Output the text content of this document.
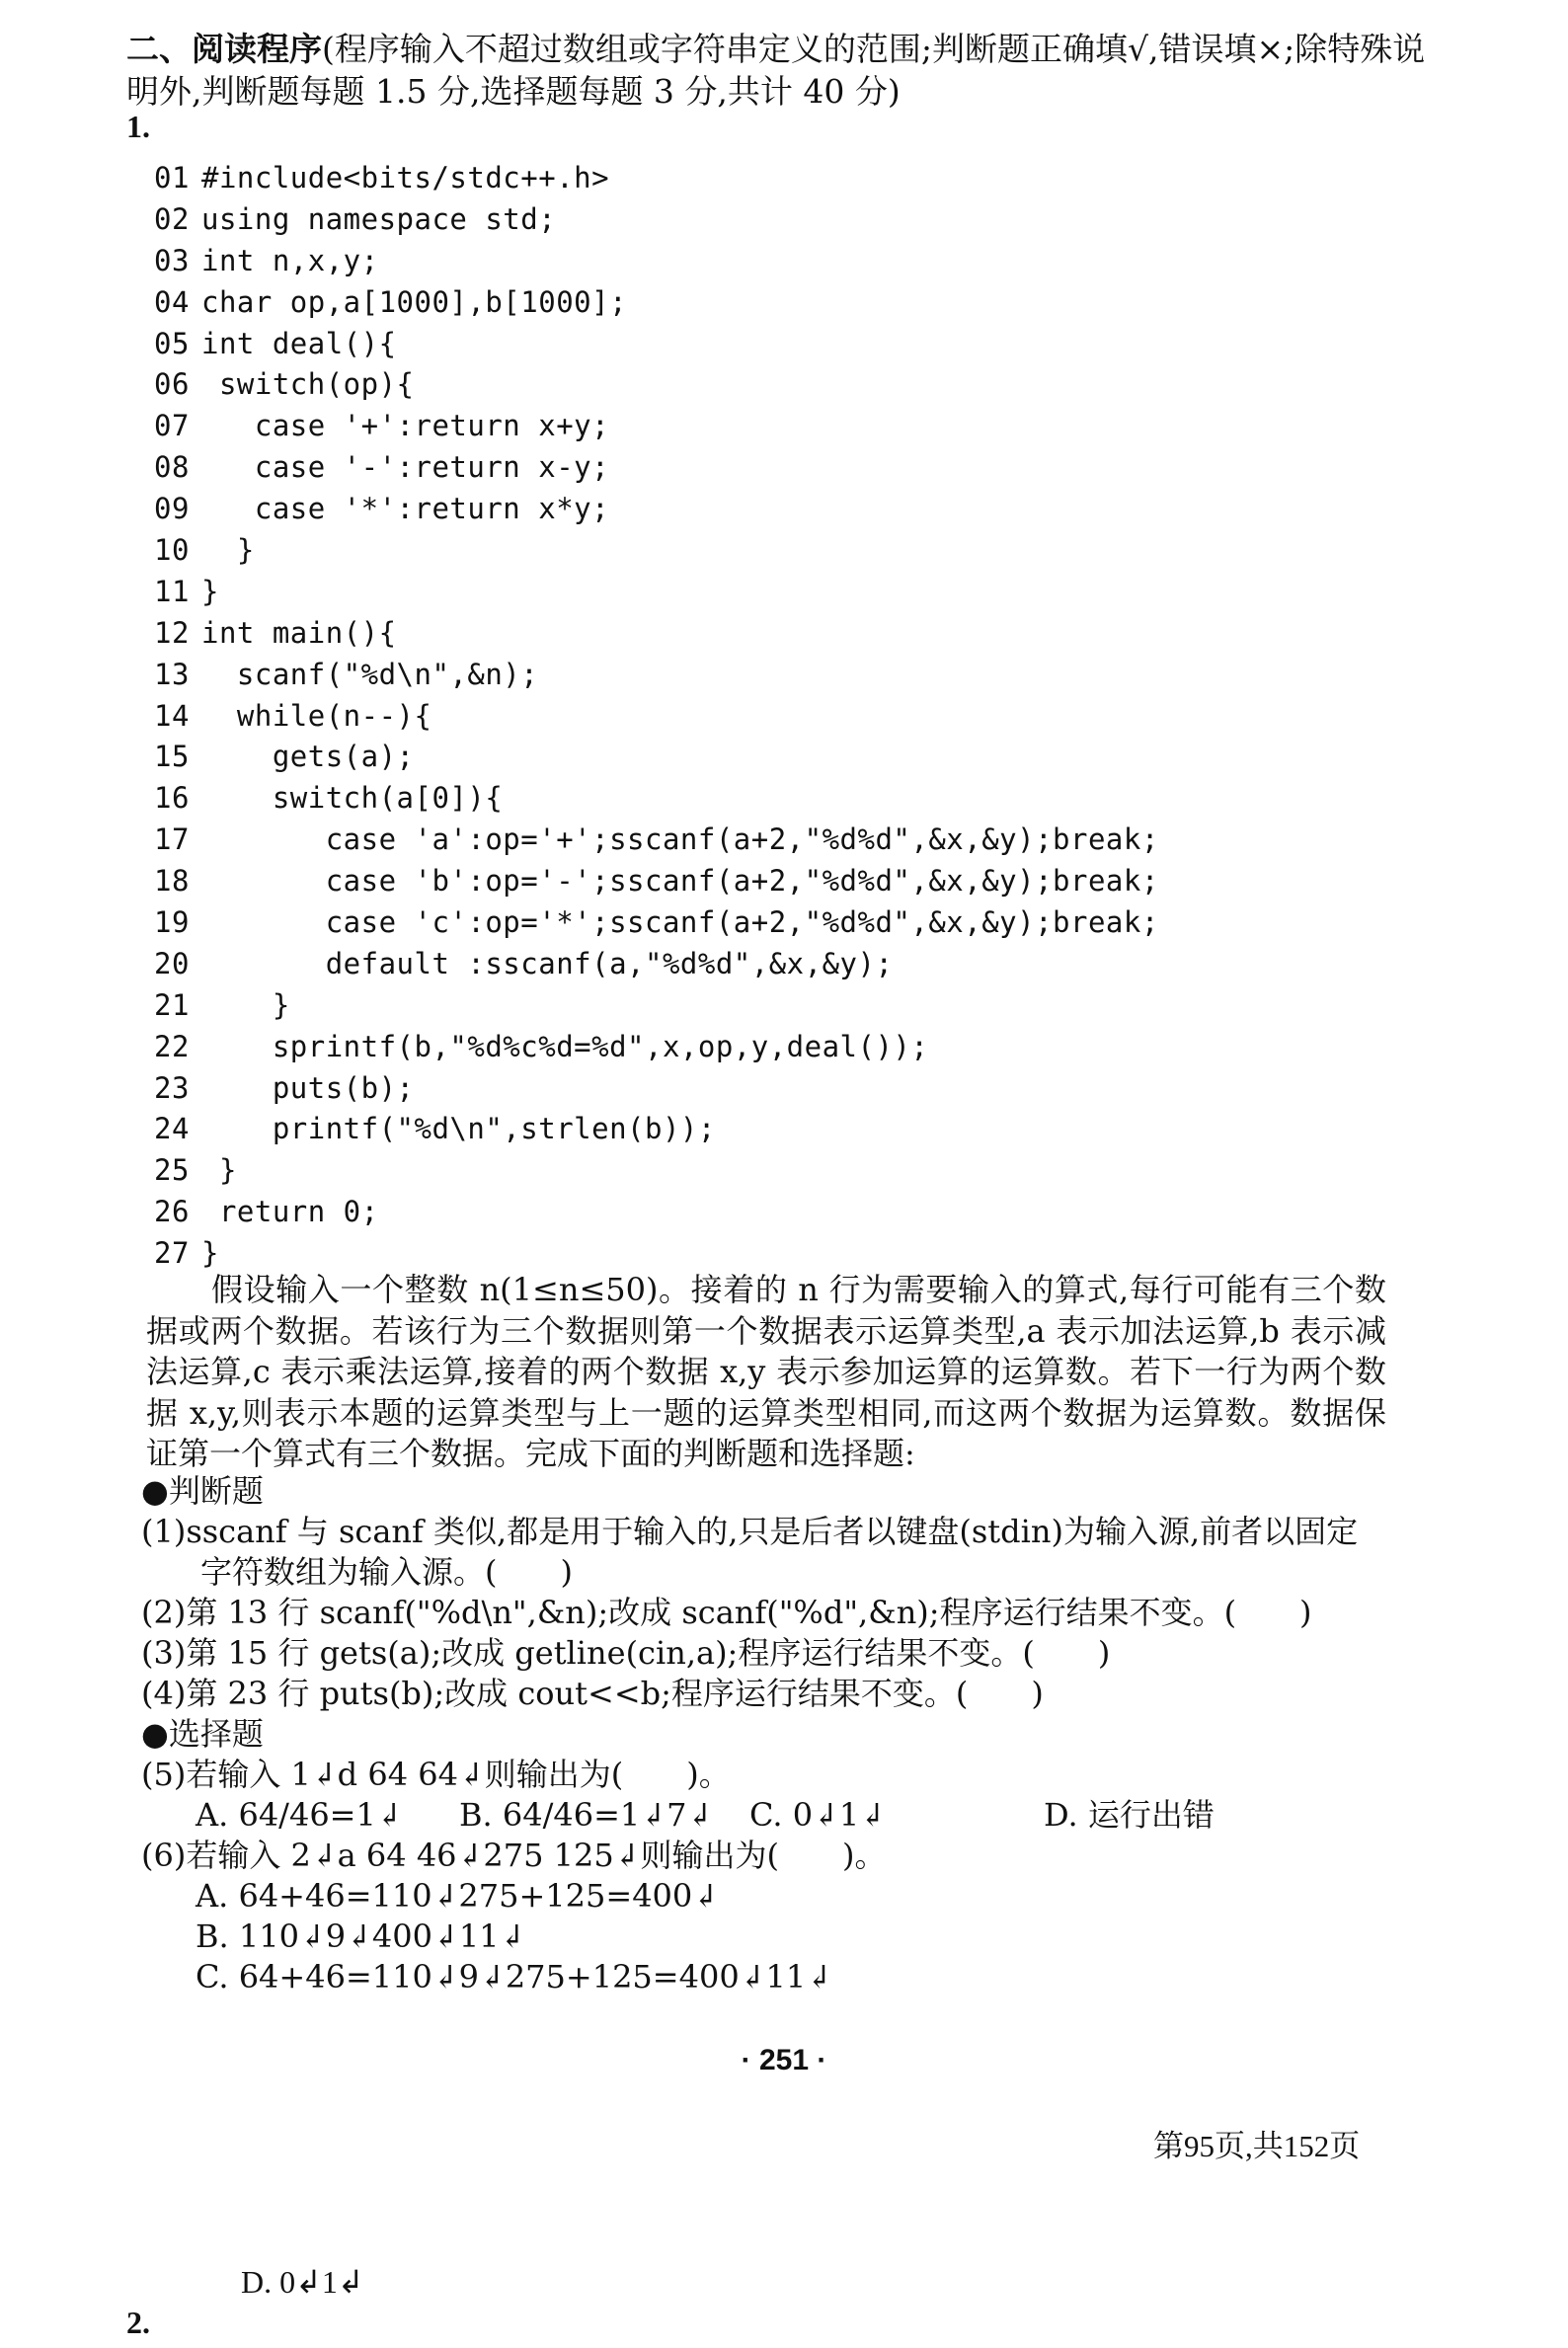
二、阅读程序(程序输入不超过数组或字符串定义的范围;判断题正确填√,错误填×;除特殊说明外,判断题每题 1.5 分,选择题每题 3 分,共计 40 分)
1.
01 #include<bits/stdc++.h>
02 using namespace std;
03 int n,x,y;
04 char op,a[1000],b[1000];
05 int deal(){
06 switch(op){
07   case '+':return x+y;
08   case '-':return x-y;
09   case '*':return x*y;
10  }
11 }
12 int main(){
13  scanf("%d\n",&n);
14  while(n--){
15    gets(a);
16    switch(a[0]){
17       case 'a':op='+';sscanf(a+2,"%d%d",&x,&y);break;
18       case 'b':op='-';sscanf(a+2,"%d%d",&x,&y);break;
19       case 'c':op='*';sscanf(a+2,"%d%d",&x,&y);break;
20       default :sscanf(a,"%d%d",&x,&y);
21    }
22    sprintf(b,"%d%c%d=%d",x,op,y,deal());
23    puts(b);
24    printf("%d\n",strlen(b));
25 }
26 return 0;
27 }

假设输入一个整数 n(1≤n≤50)。接着的 n 行为需要输入的算式,每行可能有三个数据或两个数据。若该行为三个数据则第一个数据表示运算类型,a 表示加法运算,b 表示减法运算,c 表示乘法运算,接着的两个数据 x,y 表示参加运算的运算数。若下一行为两个数据 x,y,则表示本题的运算类型与上一题的运算类型相同,而这两个数据为运算数。数据保证第一个算式有三个数据。完成下面的判断题和选择题:

●判断题
(1)sscanf 与 scanf 类似,都是用于输入的,只是后者以键盘(stdin)为输入源,前者以固定
字符数组为输入源。(　　)
(2)第 13 行 scanf("%d\n",&n);改成 scanf("%d",&n);程序运行结果不变。(　　)
(3)第 15 行 gets(a);改成 getline(cin,a);程序运行结果不变。(　　)
(4)第 23 行 puts(b);改成 cout<<b;程序运行结果不变。(　　)
●选择题
(5)若输入 1↲d 64 64↲则输出为(　　)。
A. 64/46=1↲ B. 64/46=1↲7↲ C. 0↲1↲	D. 运行出错
(6)若输入 2↲a 64 46↲275 125↲则输出为(　　)。
A. 64+46=110↲275+125=400↲
B. 110↲9↲400↲11↲
C. 64+46=110↲9↲275+125=400↲11↲
· 251 ·
第95页,共152页
D. 0↲1↲
2.
